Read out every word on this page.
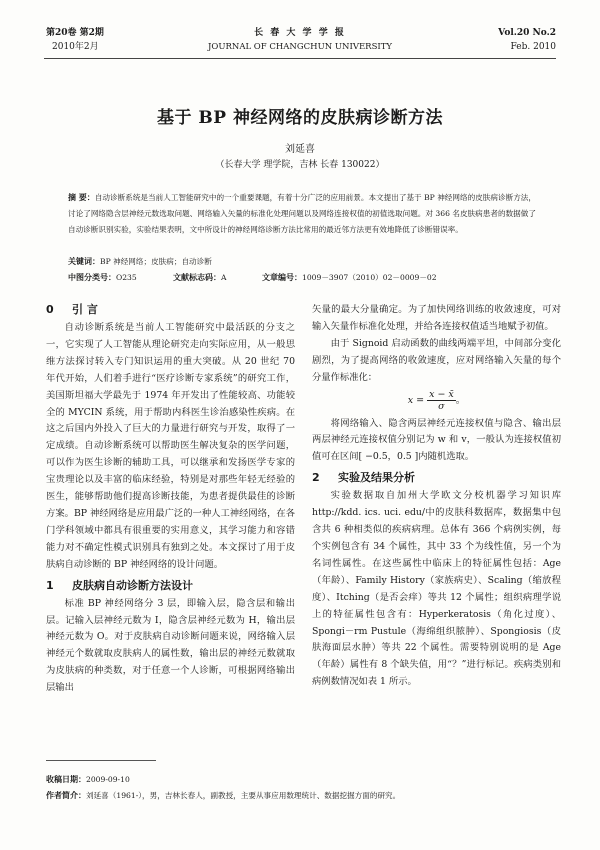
第20卷 第2期
2010年2月
长 春 大 学 学 报
JOURNAL OF CHANGCHUN UNIVERSITY
Vol.20 No.2
Feb. 2010
基于 BP 神经网络的皮肤病诊断方法
刘延喜
（长春大学 理学院，吉林 长春 130022）
摘 要：自动诊断系统是当前人工智能研究中的一个重要课题，有着十分广泛的应用前景。本文提出了基于 BP 神经网络的皮肤病诊断方法，讨论了网络隐含层神经元数选取问题、网络输入矢量的标准化处理问题以及网络连接权值的初值选取问题。对 366 名皮肤病患者的数据做了自动诊断识别实验，实验结果表明，文中所设计的神经网络诊断方法比常用的最近邻方法更有效地降低了诊断错误率。
关键词：BP 神经网络；皮肤病；自动诊断
中图分类号：O235	文献标志码：A	文章编号：1009－3907（2010）02－0009－02

0 引 言

自动诊断系统是当前人工智能研究中最活跃的分支之一，它实现了人工智能从理论研究走向实际应用，从一般思维方法探讨转入专门知识运用的重大突破。从 20 世纪 70 年代开始，人们着手进行“医疗诊断专家系统”的研究工作，美国斯坦福大学最先于 1974 年开发出了性能较高、功能较全的 MYCIN 系统，用于帮助内科医生诊治感染性疾病。在这之后国内外投入了巨大的力量进行研究与开发，取得了一定成绩。自动诊断系统可以帮助医生解决复杂的医学问题，可以作为医生诊断的辅助工具，可以继承和发扬医学专家的宝贵理论以及丰富的临床经验，特别是对那些年轻无经验的医生，能够帮助他们提高诊断技能，为患者提供最佳的诊断方案。BP 神经网络是应用最广泛的一种人工神经网络，在各门学科领域中都具有很重要的实用意义，其学习能力和容错能力对不确定性模式识别具有独到之处。本文探讨了用于皮肤病自动诊断的 BP 神经网络的设计问题。

1 皮肤病自动诊断方法设计

标准 BP 神经网络分 3 层，即输入层，隐含层和输出层。记输入层神经元数为 I，隐含层神经元数为 H，输出层神经元数为 O。对于皮肤病自动诊断问题来说，网络输入层神经元个数就取皮肤病人的属性数，输出层的神经元数就取为皮肤病的种类数，对于任意一个人诊断，可根据网络输出层输出

矢量的最大分量确定。为了加快网络训练的收敛速度，可对输入矢量作标准化处理，并给各连接权值适当地赋予初值。

由于 Signoid 启动函数的曲线两端平坦，中间部分变化剧烈，为了提高网络的收敛速度，应对网络输入矢量的每个分量作标准化：

$x = \frac{x - x̄}{\sigma}$ 。

将网络输入、隐含两层神经元连接权值与隐含、输出层两层神经元连接权值分别记为 w 和 v，一般认为连接权值初值可在区间[ −0.5，0.5 ]内随机选取。

2 实验及结果分析

实验数据取自加州大学欧文分校机器学习知识库 http://kdd. ics. uci. edu/中的皮肤科数据库，数据集中包含共 6 种相类似的疾病病理。总体有 366 个病例实例，每个实例包含有 34 个属性，其中 33 个为线性值，另一个为名词性属性。在这些属性中临床上的特征属性包括：Age（年龄）、Family History（家族病史）、Scaling（缩放程度）、Itching（是否会痒）等共 12 个属性；组织病理学说上的特征属性包含有：Hyperkeratosis（角化过度）、Spongi－rm Pustule（海绵组织脓肿）、Spongiosis（皮肤海面层水肿）等共 22 个属性。需要特别说明的是 Age（年龄）属性有 8 个缺失值，用“？”进行标记。疾病类别和病例数情况如表 1 所示。

收稿日期：2009-09-10
作者简介：刘延喜（1961-），男，吉林长春人，副教授，主要从事应用数理统计、数据挖掘方面的研究。
